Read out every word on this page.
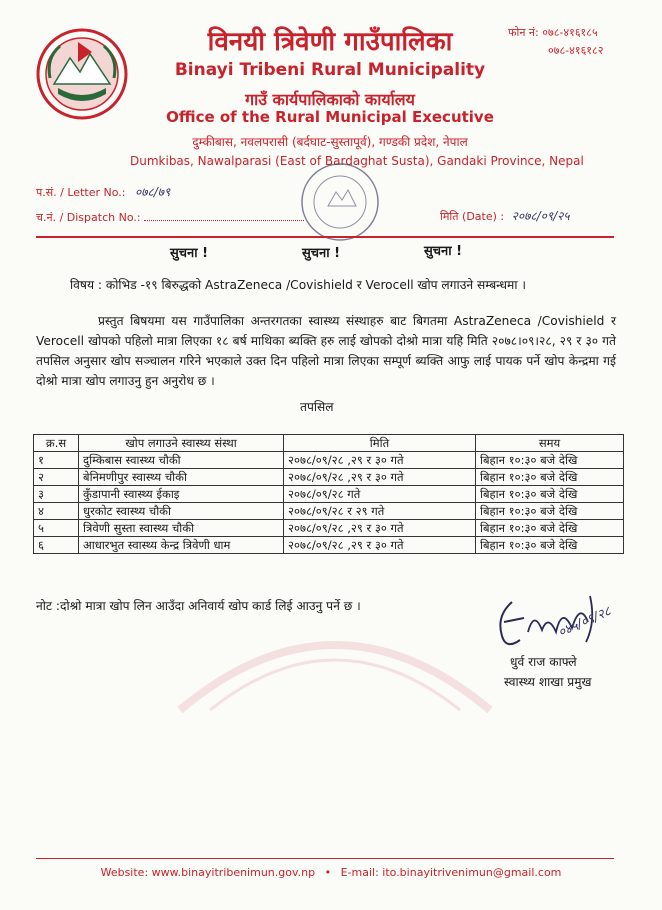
फोन नं: ०७८-४१६१८५
०७८-४१६१८२
विनयी त्रिवेणी गाउँपालिका
Binayi Tribeni Rural Municipality
गाउँ कार्यपालिकाको कार्यालय
Office of the Rural Municipal Executive
दुम्कीबास, नवलपरासी (बर्दघाट-सुस्तापूर्व), गण्डकी प्रदेश, नेपाल
Dumkibas, Nawalparasi (East of Bardaghat Susta), Gandaki Province, Nepal
प.सं. / Letter No.: ०७८/७९
च.नं. / Dispatch No.:	मिति (Date) : २०७८/०९/२५
सुचना !	सुचना !	सुचना !
विषय : कोभिड -१९ बिरुद्धको AstraZeneca /Covishield र Verocell खोप लगाउने सम्बन्धमा ।
प्रस्तुत बिषयमा यस गाउँपालिका अन्तरगतका स्वास्थ्य संस्थाहरु बाट बिगतमा AstraZeneca /Covishield र Verocell खोपको पहिलो मात्रा लिएका १८ बर्ष माथिका ब्यक्ति हरु लाई खोपको दोश्रो मात्रा यहि मिति २०७८।०९।२८, २९ र ३० गते तपसिल अनुसार खोप सञ्चालन गरिने भएकाले उक्त दिन पहिलो मात्रा लिएका सम्पूर्ण ब्यक्ति आफु लाई पायक पर्ने खोप केन्द्रमा गई दोश्रो मात्रा खोप लगाउनु हुन अनुरोध छ ।
तपसिल
क्र.स	खोप लगाउने स्वास्थ्य संस्था	मिति	समय
१	दुम्किबास स्वास्थ्य चौकी	२०७८/०९/२८ ,२९ र ३० गते	बिहान १०:३० बजे देखि
२	बेनिमणीपुर स्वास्थ्य चौकी	२०७८/०९/२८ ,२९ र ३० गते	बिहान १०:३० बजे देखि
३	कुँडापानी स्वास्थ्य ईकाइ	२०७८/०९/२८ गते	बिहान १०:३० बजे देखि
४	धुरकोट स्वास्थ्य चौकी	२०७८/०९/२८ र २९ गते	बिहान १०:३० बजे देखि
५	त्रिवेणी सुस्ता स्वास्थ्य चौकी	२०७८/०९/२८ ,२९ र ३० गते	बिहान १०:३० बजे देखि
६	आधारभुत स्वास्थ्य केन्द्र त्रिवेणी धाम	२०७८/०९/२८ ,२९ र ३० गते	बिहान १०:३० बजे देखि
नोट :दोश्रो मात्रा खोप लिन आउँदा अनिवार्य खोप कार्ड लिई आउनु पर्ने छ ।	०४५/०९/२८
धुर्व राज काफ्ले
स्वास्थ्य शाखा प्रमुख
Website: www.binayitribenimun.gov.np • E-mail: ito.binayitrivenimun@gmail.com
